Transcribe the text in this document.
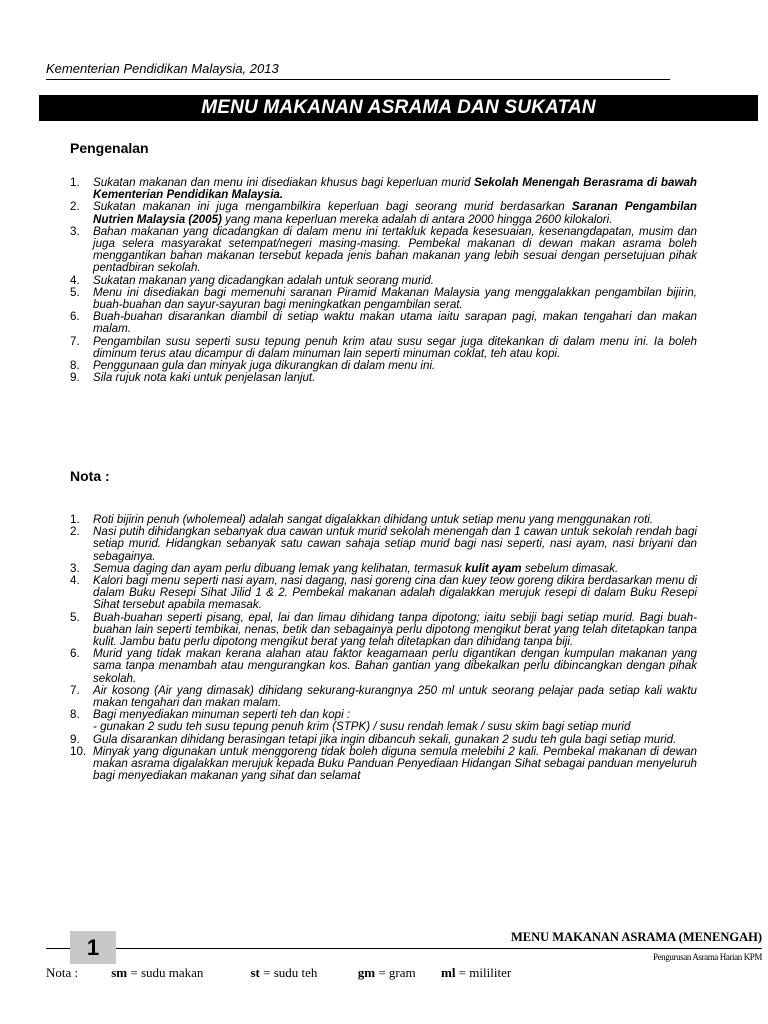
Kementerian Pendidikan Malaysia, 2013
MENU MAKANAN ASRAMA DAN SUKATAN
Pengenalan
1. Sukatan makanan dan menu ini disediakan khusus bagi keperluan murid Sekolah Menengah Berasrama di bawah Kementerian Pendidikan Malaysia.
2. Sukatan makanan ini juga mengambilkira keperluan bagi seorang murid berdasarkan Saranan Pengambilan Nutrien Malaysia (2005) yang mana keperluan mereka adalah di antara 2000 hingga 2600 kilokalori.
3. Bahan makanan yang dicadangkan di dalam menu ini tertakluk kepada kesesuaian, kesenangdapatan, musim dan juga selera masyarakat setempat/negeri masing-masing. Pembekal makanan di dewan makan asrama boleh menggantikan bahan makanan tersebut kepada jenis bahan makanan yang lebih sesuai dengan persetujuan pihak pentadbiran sekolah.
4. Sukatan makanan yang dicadangkan adalah untuk seorang murid.
5. Menu ini disediakan bagi memenuhi saranan Piramid Makanan Malaysia yang menggalakkan pengambilan bijirin, buah-buahan dan sayur-sayuran bagi meningkatkan pengambilan serat.
6. Buah-buahan disarankan diambil di setiap waktu makan utama iaitu sarapan pagi, makan tengahari dan makan malam.
7. Pengambilan susu seperti susu tepung penuh krim atau susu segar juga ditekankan di dalam menu ini. Ia boleh diminum terus atau dicampur di dalam minuman lain seperti minuman coklat, teh atau kopi.
8. Penggunaan gula dan minyak juga dikurangkan di dalam menu ini.
9. Sila rujuk nota kaki untuk penjelasan lanjut.
Nota :
1. Roti bijirin penuh (wholemeal) adalah sangat digalakkan dihidang untuk setiap menu yang menggunakan roti.
2. Nasi putih dihidangkan sebanyak dua cawan untuk murid sekolah menengah dan 1 cawan untuk sekolah rendah bagi setiap murid. Hidangkan sebanyak satu cawan sahaja setiap murid bagi nasi seperti, nasi ayam, nasi briyani dan sebagainya.
3. Semua daging dan ayam perlu dibuang lemak yang kelihatan, termasuk kulit ayam sebelum dimasak.
4. Kalori bagi menu seperti nasi ayam, nasi dagang, nasi goreng cina dan kuey teow goreng dikira berdasarkan menu di dalam Buku Resepi Sihat Jilid 1 & 2. Pembekal makanan adalah digalakkan merujuk resepi di dalam Buku Resepi Sihat tersebut apabila memasak.
5. Buah-buahan seperti pisang, epal, lai dan limau dihidang tanpa dipotong; iaitu sebiji bagi setiap murid. Bagi buah-buahan lain seperti tembikai, nenas, betik dan sebagainya perlu dipotong mengikut berat yang telah ditetapkan tanpa kulit. Jambu batu perlu dipotong mengikut berat yang telah ditetapkan dan dihidang tanpa biji.
6. Murid yang tidak makan kerana alahan atau faktor keagamaan perlu digantikan dengan kumpulan makanan yang sama tanpa menambah atau mengurangkan kos. Bahan gantian yang dibekalkan perlu dibincangkan dengan pihak sekolah.
7. Air kosong (Air yang dimasak) dihidang sekurang-kurangnya 250 ml untuk seorang pelajar pada setiap kali waktu makan tengahari dan makan malam.
8. Bagi menyediakan minuman seperti teh dan kopi :
- gunakan 2 sudu teh susu tepung penuh krim (STPK) / susu rendah lemak / susu skim bagi setiap murid
9. Gula disarankan dihidang berasingan tetapi jika ingin dibancuh sekali, gunakan 2 sudu teh gula bagi setiap murid.
10. Minyak yang digunakan untuk menggoreng tidak boleh diguna semula melebihi 2 kali. Pembekal makanan di dewan makan asrama digalakkan merujuk kepada Buku Panduan Penyediaan Hidangan Sihat sebagai panduan menyeluruh bagi menyediakan makanan yang sihat dan selamat
1	MENU MAKANAN ASRAMA (MENENGAH)
Pengurusan Asrama Harian KPM
Nota :	sm = sudu makan	st = sudu teh	gm = gram ml = mililiter
